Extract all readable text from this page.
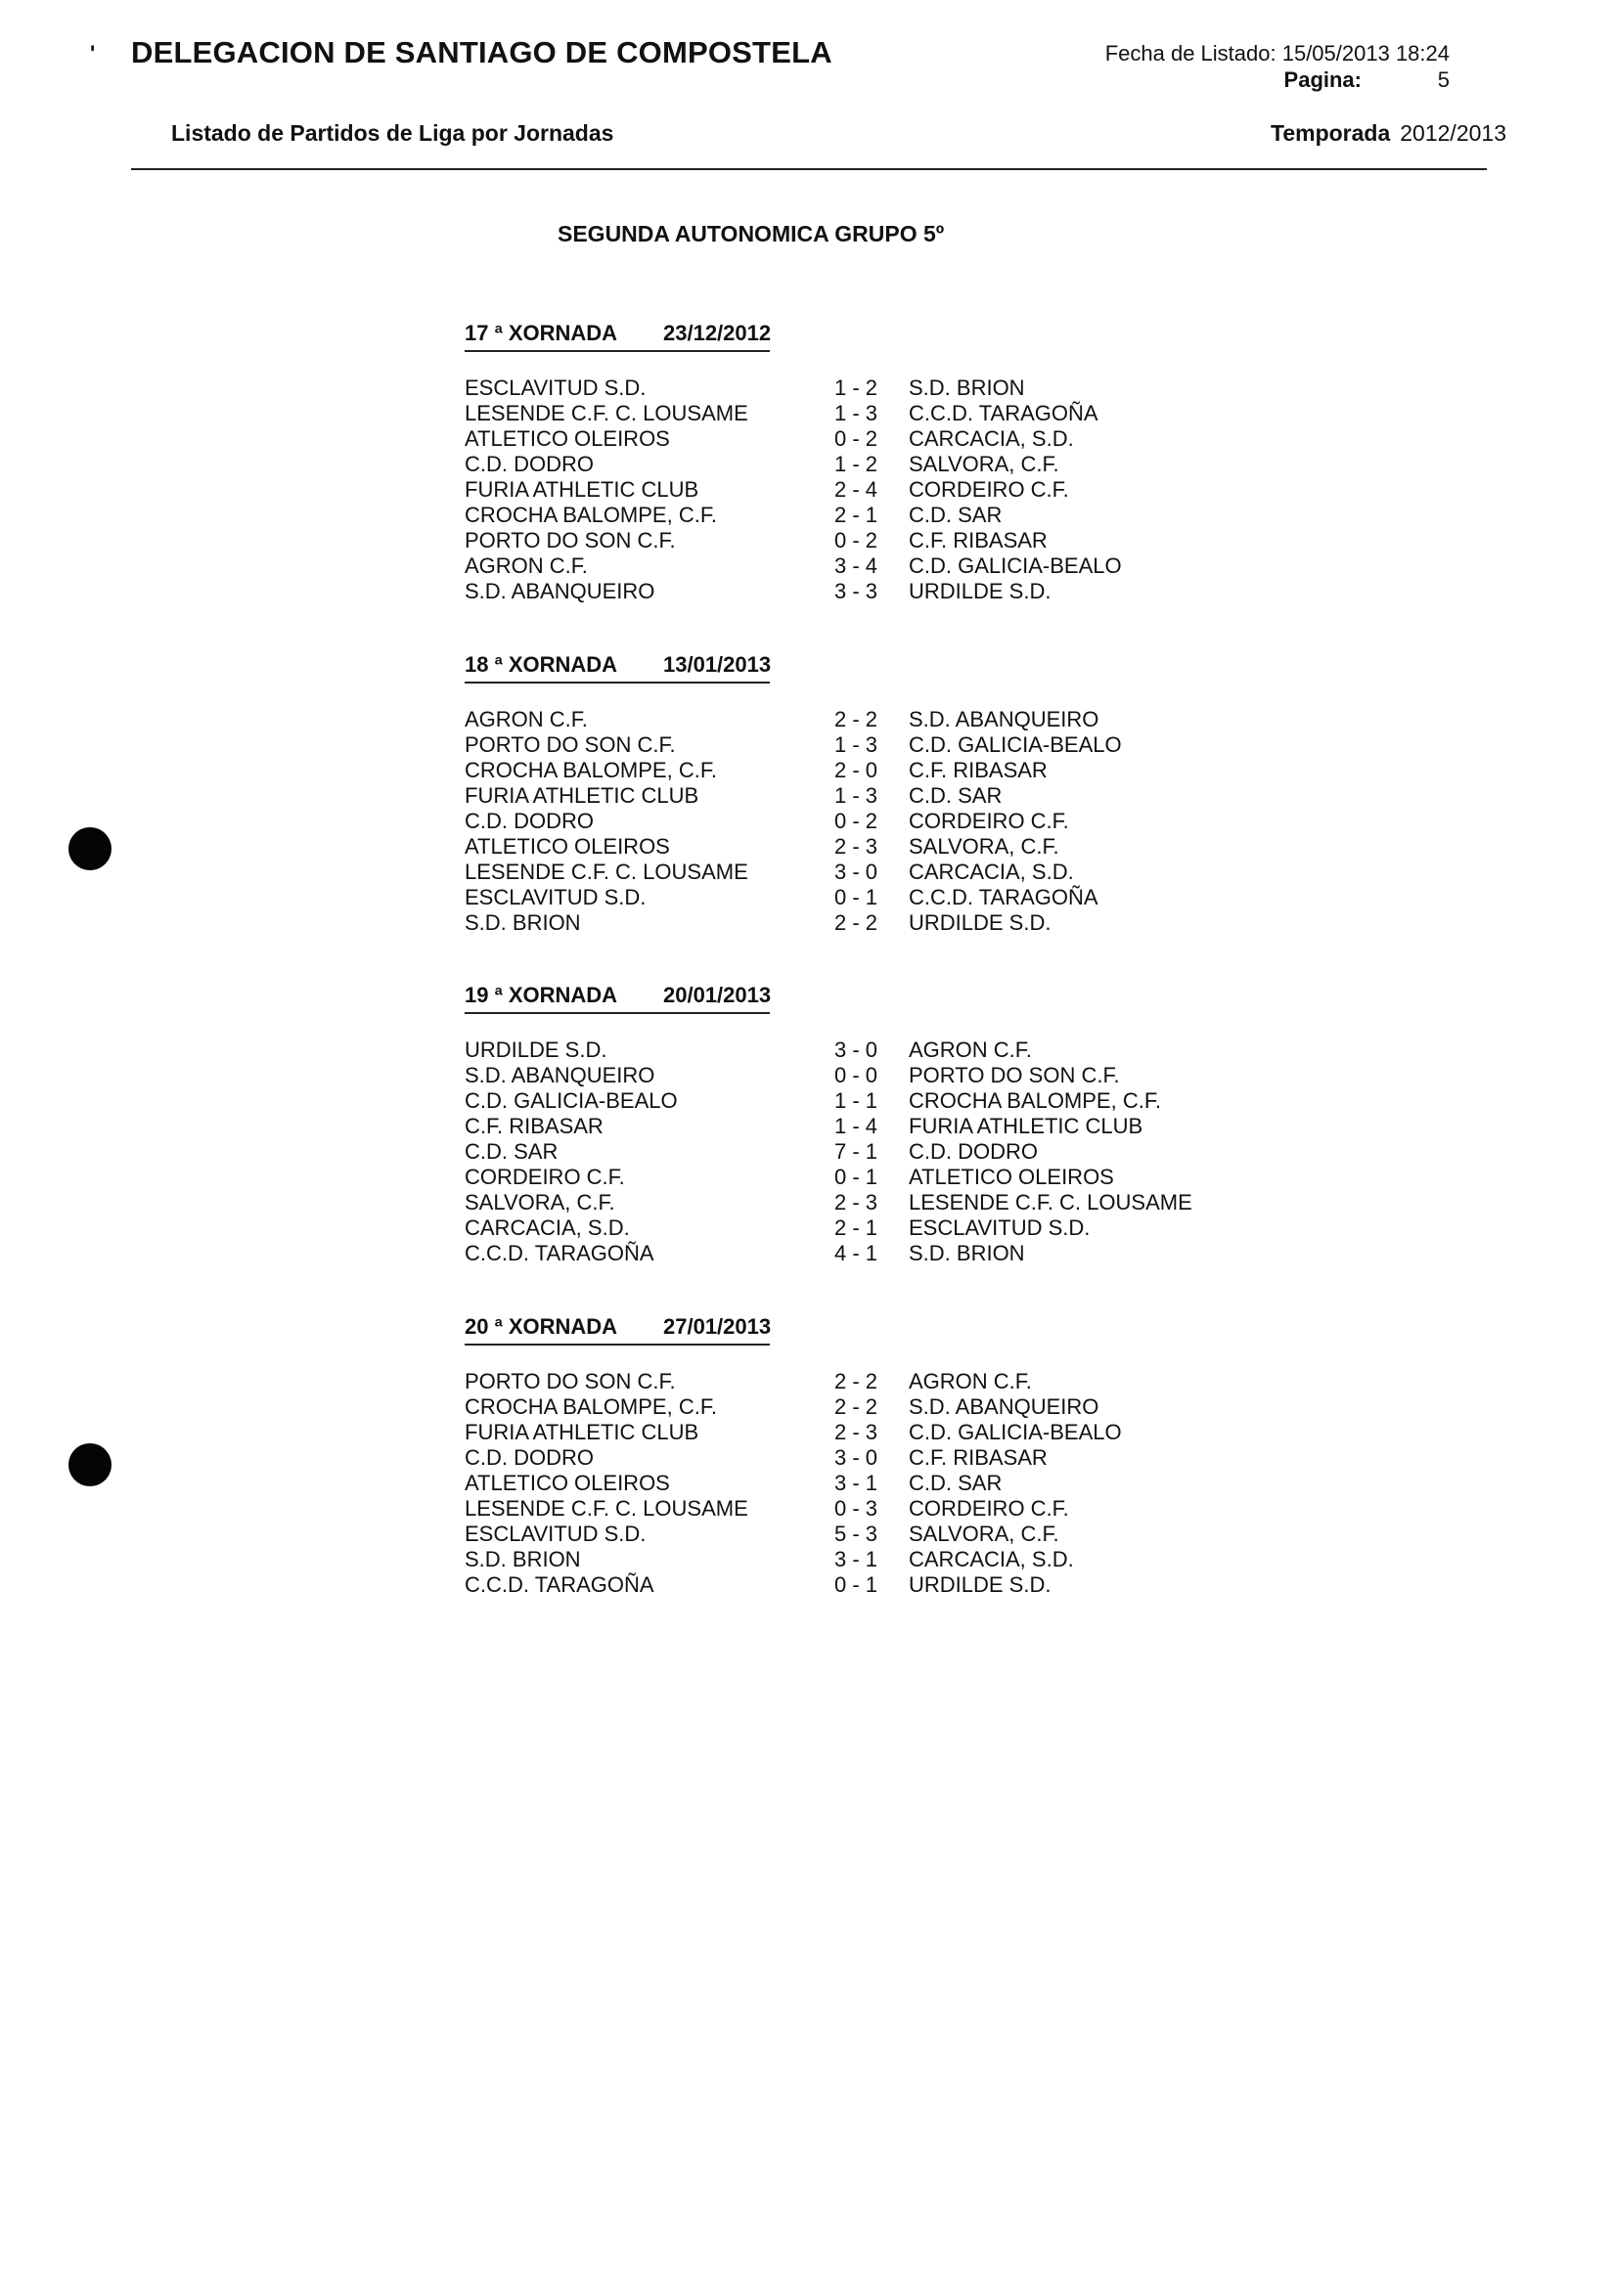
' DELEGACION DE SANTIAGO DE COMPOSTELA	Fecha de Listado: 15/05/2013 18:24
Pagina:	5
Listado de Partidos de Liga por Jornadas	Temporada 2012/2013
SEGUNDA AUTONOMICA GRUPO 5º
17 ª XORNADA 23/12/2012
ESCLAVITUD S.D.	1 - 2 S.D. BRION
LESENDE C.F. C. LOUSAME	1 - 3 C.C.D. TARAGOÑA
ATLETICO OLEIROS	0 - 2 CARCACIA, S.D.
C.D. DODRO	1 - 2 SALVORA, C.F.
FURIA ATHLETIC CLUB	2 - 4 CORDEIRO C.F.
CROCHA BALOMPE, C.F.	2 - 1 C.D. SAR
PORTO DO SON C.F.	0 - 2 C.F. RIBASAR
AGRON C.F.	3 - 4 C.D. GALICIA-BEALO
S.D. ABANQUEIRO	3 - 3 URDILDE S.D.
18 ª XORNADA 13/01/2013
AGRON C.F.	2 - 2 S.D. ABANQUEIRO
PORTO DO SON C.F.	1 - 3 C.D. GALICIA-BEALO
CROCHA BALOMPE, C.F.	2 - 0 C.F. RIBASAR
FURIA ATHLETIC CLUB	1 - 3 C.D. SAR
C.D. DODRO	0 - 2 CORDEIRO C.F.
ATLETICO OLEIROS	2 - 3 SALVORA, C.F.
LESENDE C.F. C. LOUSAME	3 - 0 CARCACIA, S.D.
ESCLAVITUD S.D.	0 - 1 C.C.D. TARAGOÑA
S.D. BRION	2 - 2 URDILDE S.D.
19 ª XORNADA 20/01/2013
URDILDE S.D.	3 - 0 AGRON C.F.
S.D. ABANQUEIRO	0 - 0 PORTO DO SON C.F.
C.D. GALICIA-BEALO	1 - 1 CROCHA BALOMPE, C.F.
C.F. RIBASAR	1 - 4 FURIA ATHLETIC CLUB
C.D. SAR	7 - 1 C.D. DODRO
CORDEIRO C.F.	0 - 1 ATLETICO OLEIROS
SALVORA, C.F.	2 - 3 LESENDE C.F. C. LOUSAME
CARCACIA, S.D.	2 - 1 ESCLAVITUD S.D.
C.C.D. TARAGOÑA	4 - 1 S.D. BRION
20 ª XORNADA 27/01/2013
PORTO DO SON C.F.	2 - 2 AGRON C.F.
CROCHA BALOMPE, C.F.	2 - 2 S.D. ABANQUEIRO
FURIA ATHLETIC CLUB	2 - 3 C.D. GALICIA-BEALO
C.D. DODRO	3 - 0 C.F. RIBASAR
ATLETICO OLEIROS	3 - 1 C.D. SAR
LESENDE C.F. C. LOUSAME	0 - 3 CORDEIRO C.F.
ESCLAVITUD S.D.	5 - 3 SALVORA, C.F.
S.D. BRION	3 - 1 CARCACIA, S.D.
C.C.D. TARAGOÑA	0 - 1 URDILDE S.D.
